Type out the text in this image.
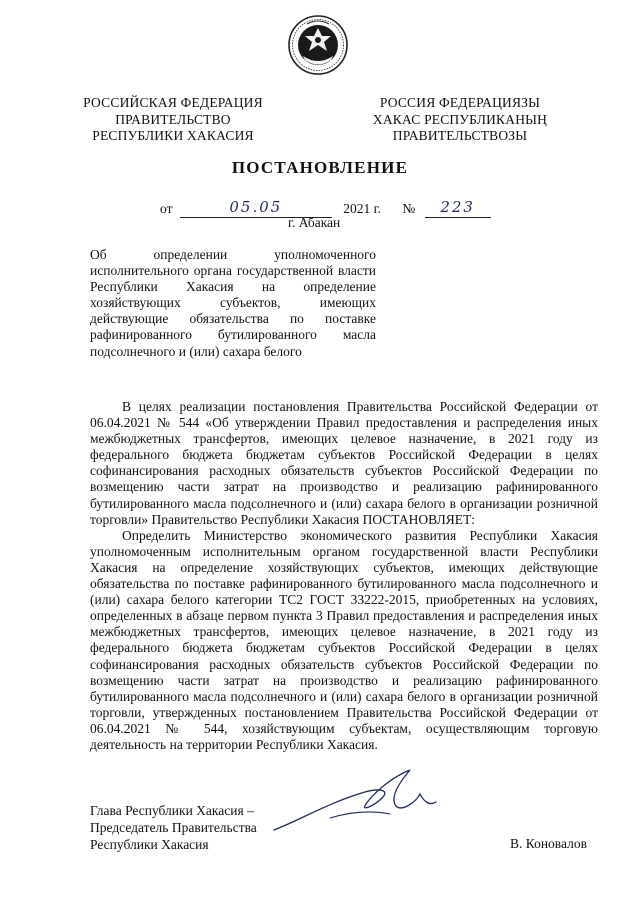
РОССИЙСКАЯ ФЕДЕРАЦИЯ
ПРАВИТЕЛЬСТВО
РЕСПУБЛИКИ ХАКАСИЯ
РОССИЯ ФЕДЕРАЦИЯЗЫ
ХАКАС РЕСПУБЛИКАНЫҢ
ПРАВИТЕЛЬСТВОЗЫ
ПОСТАНОВЛЕНИЕ
от	05.05	2021 г. № 223
г. Абакан
Об определении уполномоченного исполнительного органа государственной власти Республики Хакасия на определение хозяйствующих субъектов, имеющих действующие обязательства по поставке рафинированного бутилированного масла подсолнечного и (или) сахара белого

В целях реализации постановления Правительства Российской Федерации от 06.04.2021 № 544 «Об утверждении Правил предоставления и распределения иных межбюджетных трансфертов, имеющих целевое назначение, в 2021 году из федерального бюджета бюджетам субъектов Российской Федерации в целях софинансирования расходных обязательств субъектов Российской Федерации по возмещению части затрат на производство и реализацию рафинированного бутилированного масла подсолнечного и (или) сахара белого в организации розничной торговли» Правительство Республики Хакасия ПОСТАНОВЛЯЕТ:

Определить Министерство экономического развития Республики Хакасия уполномоченным исполнительным органом государственной власти Республики Хакасия на определение хозяйствующих субъектов, имеющих действующие обязательства по поставке рафинированного бутилированного масла подсолнечного и (или) сахара белого категории ТС2 ГОСТ 33222-2015, приобретенных на условиях, определенных в абзаце первом пункта 3 Правил предоставления и распределения иных межбюджетных трансфертов, имеющих целевое назначение, в 2021 году из федерального бюджета бюджетам субъектов Российской Федерации в целях софинансирования расходных обязательств субъектов Российской Федерации по возмещению части затрат на производство и реализацию рафинированного бутилированного масла подсолнечного и (или) сахара белого в организации розничной торговли, утвержденных постановлением Правительства Российской Федерации от 06.04.2021 № 544, хозяйствующим субъектам, осуществляющим торговую деятельность на территории Республики Хакасия.

Глава Республики Хакасия –
Председатель Правительства
Республики Хакасия	В. Коновалов
